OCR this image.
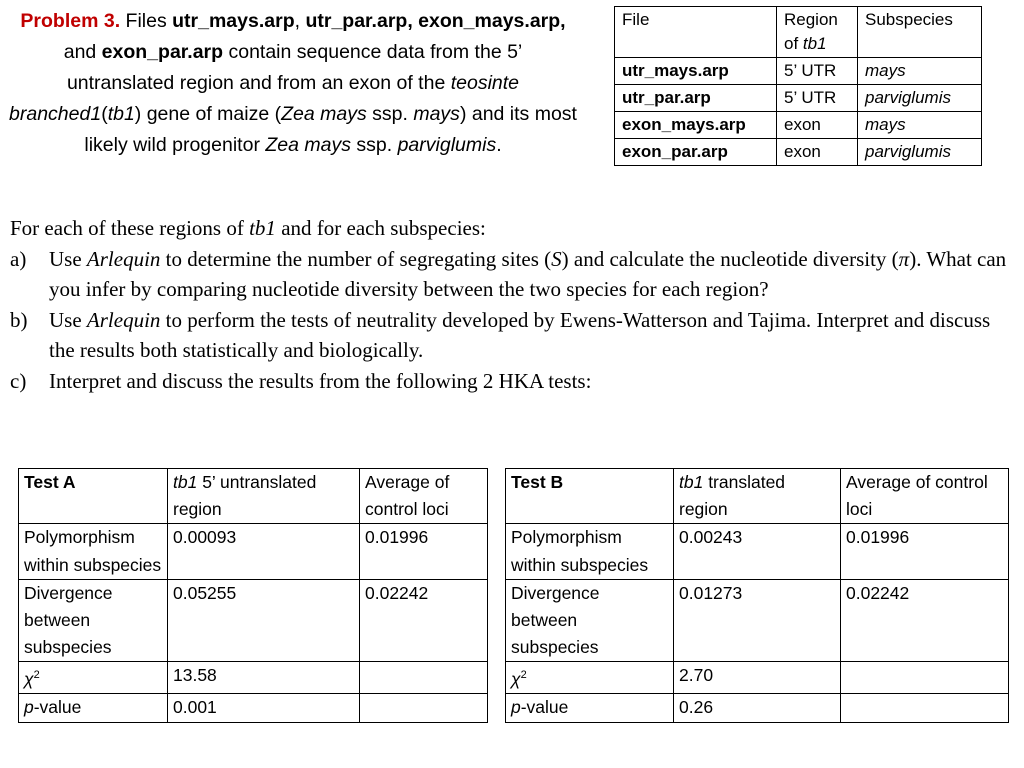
Problem 3. Files utr_mays.arp, utr_par.arp, exon_mays.arp, and exon_par.arp contain sequence data from the 5’ untranslated region and from an exon of the teosinte branched1(tb1) gene of maize (Zea mays ssp. mays) and its most likely wild progenitor Zea mays ssp. parviglumis.
File	Region of tb1	Subspecies
utr_mays.arp	5’ UTR	mays
utr_par.arp	5’ UTR	parviglumis
exon_mays.arp	exon	mays
exon_par.arp	exon	parviglumis
For each of these regions of tb1 and for each subspecies:
a)	Use Arlequin to determine the number of segregating sites (S) and calculate the nucleotide diversity (π). What can you infer by comparing nucleotide diversity between the two species for each region?
b)	Use Arlequin to perform the tests of neutrality developed by Ewens-Watterson and Tajima. Interpret and discuss the results both statistically and biologically.
c)	Interpret and discuss the results from the following 2 HKA tests:
Test A	tb1 5’ untranslated region	Average of control loci
Polymorphism within subspecies	0.00093	0.01996
Divergence between subspecies	0.05255	0.02242
$\chi^2$	13.58	
p-value	0.001	
Test B	tb1 translated region	Average of control loci
Polymorphism within subspecies	0.00243	0.01996
Divergence between subspecies	0.01273	0.02242
$\chi^2$	2.70	
p-value	0.26	
